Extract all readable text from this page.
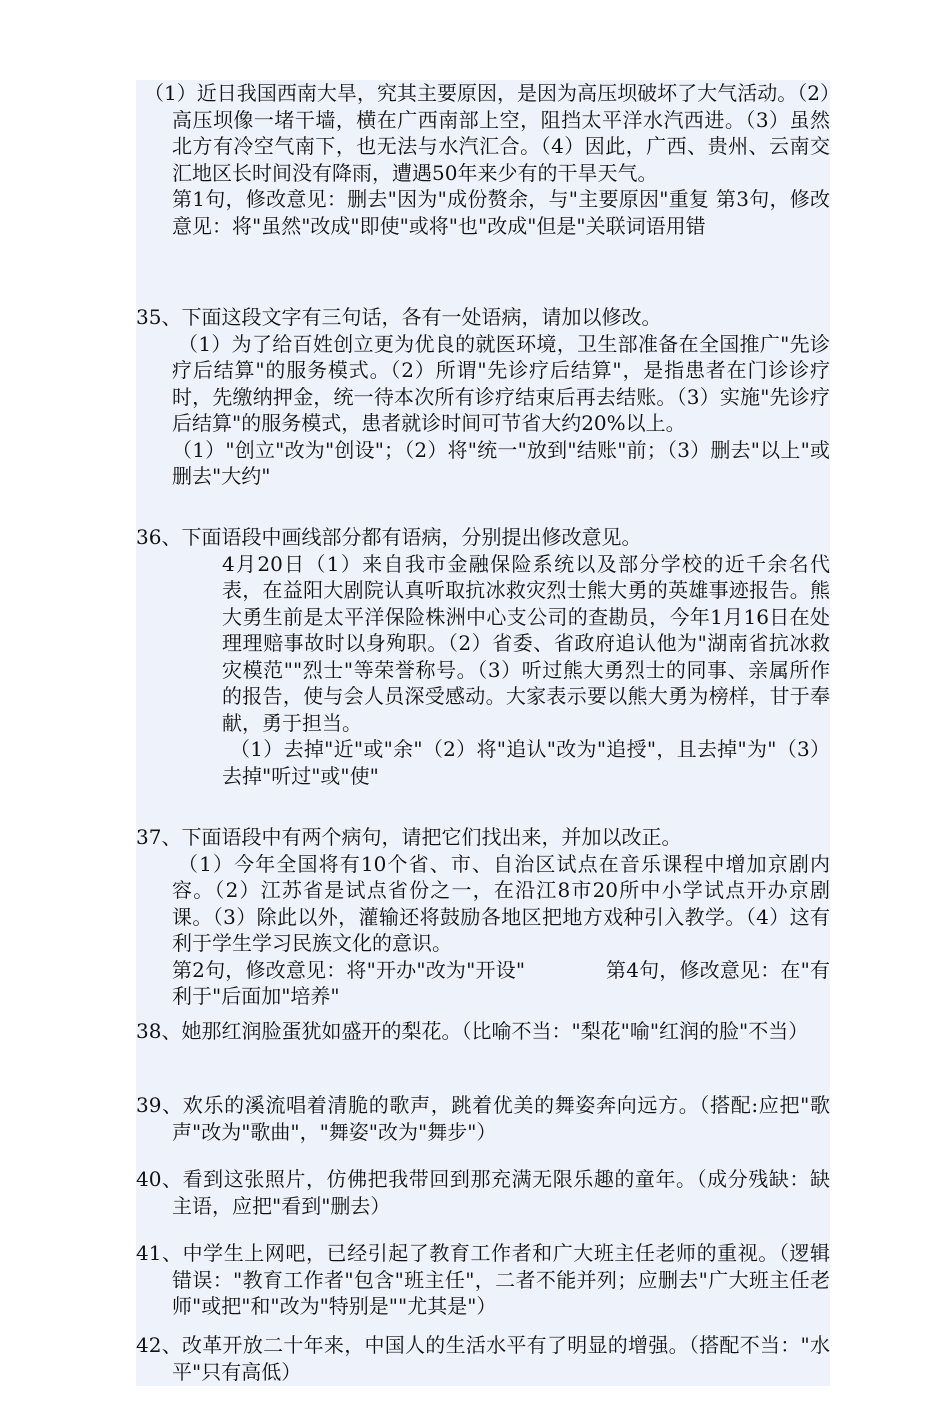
（1）近日我国西南大旱，究其主要原因，是因为高压坝破坏了大气活动。（2）高压坝像一堵干墙，横在广西南部上空，阻挡太平洋水汽西进。（3）虽然北方有冷空气南下，也无法与水汽汇合。（4）因此，广西、贵州、云南交汇地区长时间没有降雨，遭遇50年来少有的干旱天气。

第1句，修改意见：删去"因为"成份赘余，与"主要原因"重复 第3句，修改意见：将"虽然"改成"即使"或将"也"改成"但是"关联词语用错

35、下面这段文字有三句话，各有一处语病，请加以修改。

（1）为了给百姓创立更为优良的就医环境，卫生部准备在全国推广"先诊疗后结算"的服务模式。（2）所谓"先诊疗后结算"，是指患者在门诊诊疗时，先缴纳押金，统一待本次所有诊疗结束后再去结账。（3）实施"先诊疗后结算"的服务模式，患者就诊时间可节省大约20%以上。

（1）"创立"改为"创设"；（2）将"统一"放到"结账"前；（3）删去"以上"或删去"大约"

36、下面语段中画线部分都有语病，分别提出修改意见。

4月20日（1）来自我市金融保险系统以及部分学校的近千余名代表，在益阳大剧院认真听取抗冰救灾烈士熊大勇的英雄事迹报告。熊大勇生前是太平洋保险株洲中心支公司的查勘员，今年1月16日在处理理赔事故时以身殉职。（2）省委、省政府追认他为"湖南省抗冰救灾模范""烈士"等荣誉称号。（3）听过熊大勇烈士的同事、亲属所作的报告，使与会人员深受感动。大家表示要以熊大勇为榜样，甘于奉献，勇于担当。

（1）去掉"近"或"余"（2）将"追认"改为"追授"，且去掉"为"（3）去掉"听过"或"使"

37、下面语段中有两个病句，请把它们找出来，并加以改正。

（1）今年全国将有10个省、市、自治区试点在音乐课程中增加京剧内容。（2）江苏省是试点省份之一，在沿江8市20所中小学试点开办京剧课。（3）除此以外，灌输还将鼓励各地区把地方戏种引入教学。（4）这有利于学生学习民族文化的意识。

第2句，修改意见：将"开办"改为"开设"　　　　第4句，修改意见：在"有利于"后面加"培养"

38、她那红润脸蛋犹如盛开的梨花。（比喻不当："梨花"喻"红润的脸"不当）

39、欢乐的溪流唱着清脆的歌声，跳着优美的舞姿奔向远方。（搭配:应把"歌声"改为"歌曲"，"舞姿"改为"舞步"）

40、看到这张照片，仿佛把我带回到那充满无限乐趣的童年。（成分残缺：缺主语，应把"看到"删去）

41、中学生上网吧，已经引起了教育工作者和广大班主任老师的重视。（逻辑错误："教育工作者"包含"班主任"，二者不能并列；应删去"广大班主任老师"或把"和"改为"特别是""尤其是"）

42、改革开放二十年来，中国人的生活水平有了明显的增强。（搭配不当："水平"只有高低）
